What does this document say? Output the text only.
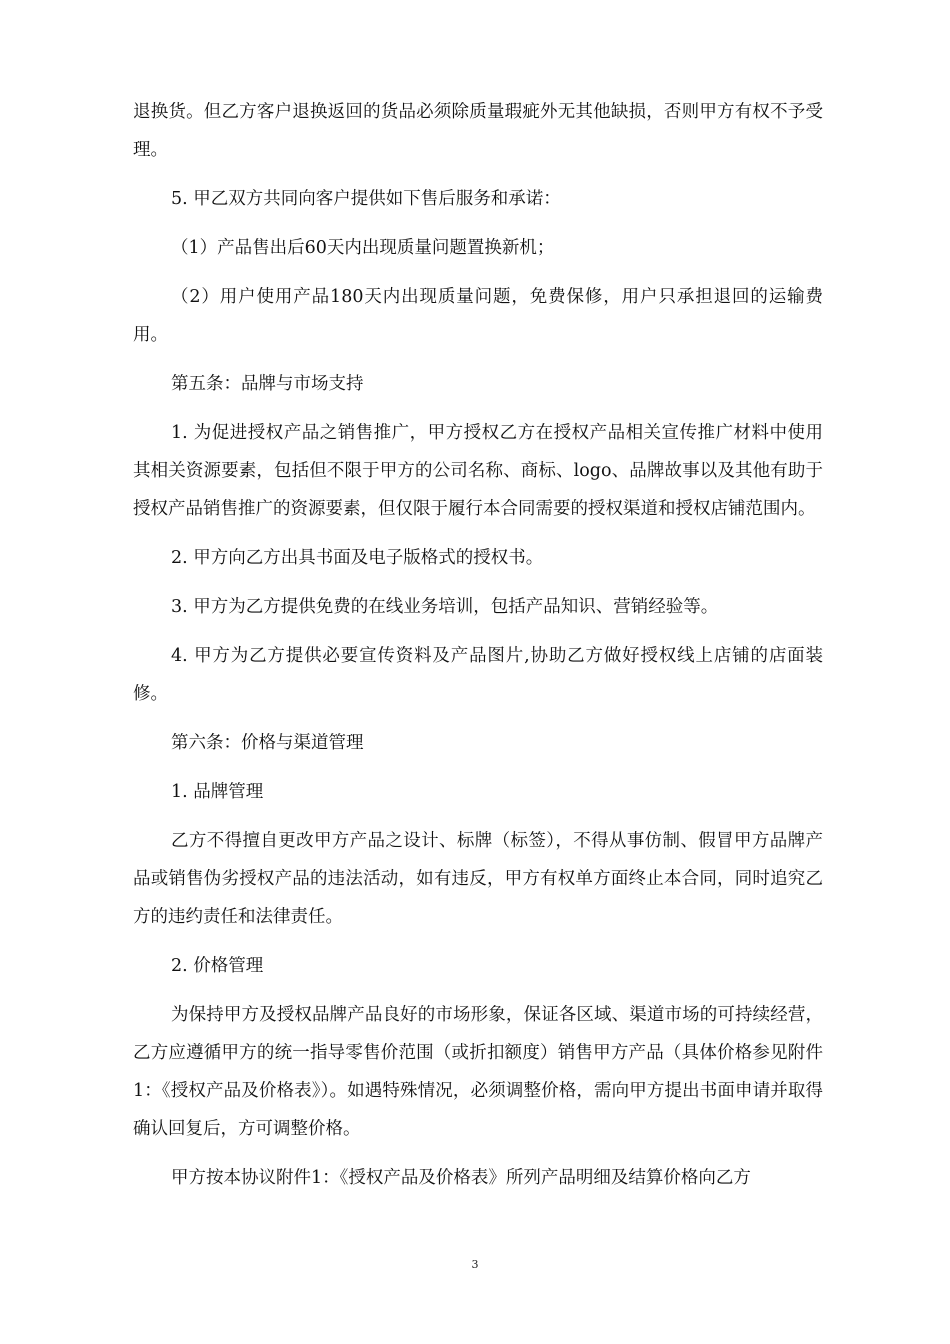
退换货。但乙方客户退换返回的货品必须除质量瑕疵外无其他缺损，否则甲方有权不予受理。

5. 甲乙双方共同向客户提供如下售后服务和承诺：

（1）产品售出后60天内出现质量问题置换新机；

（2）用户使用产品180天内出现质量问题，免费保修，用户只承担退回的运输费用。

第五条：品牌与市场支持

1. 为促进授权产品之销售推广，甲方授权乙方在授权产品相关宣传推广材料中使用其相关资源要素，包括但不限于甲方的公司名称、商标、logo、品牌故事以及其他有助于授权产品销售推广的资源要素，但仅限于履行本合同需要的授权渠道和授权店铺范围内。

2. 甲方向乙方出具书面及电子版格式的授权书。

3. 甲方为乙方提供免费的在线业务培训，包括产品知识、营销经验等。

4. 甲方为乙方提供必要宣传资料及产品图片,协助乙方做好授权线上店铺的店面装修。

第六条：价格与渠道管理

1. 品牌管理

乙方不得擅自更改甲方产品之设计、标牌（标签），不得从事仿制、假冒甲方品牌产品或销售伪劣授权产品的违法活动，如有违反，甲方有权单方面终止本合同，同时追究乙方的违约责任和法律责任。

2. 价格管理

为保持甲方及授权品牌产品良好的市场形象，保证各区域、渠道市场的可持续经营，乙方应遵循甲方的统一指导零售价范围（或折扣额度）销售甲方产品（具体价格参见附件1：《授权产品及价格表》）。如遇特殊情况，必须调整价格，需向甲方提出书面申请并取得确认回复后，方可调整价格。

甲方按本协议附件1：《授权产品及价格表》所列产品明细及结算价格向乙方

3
